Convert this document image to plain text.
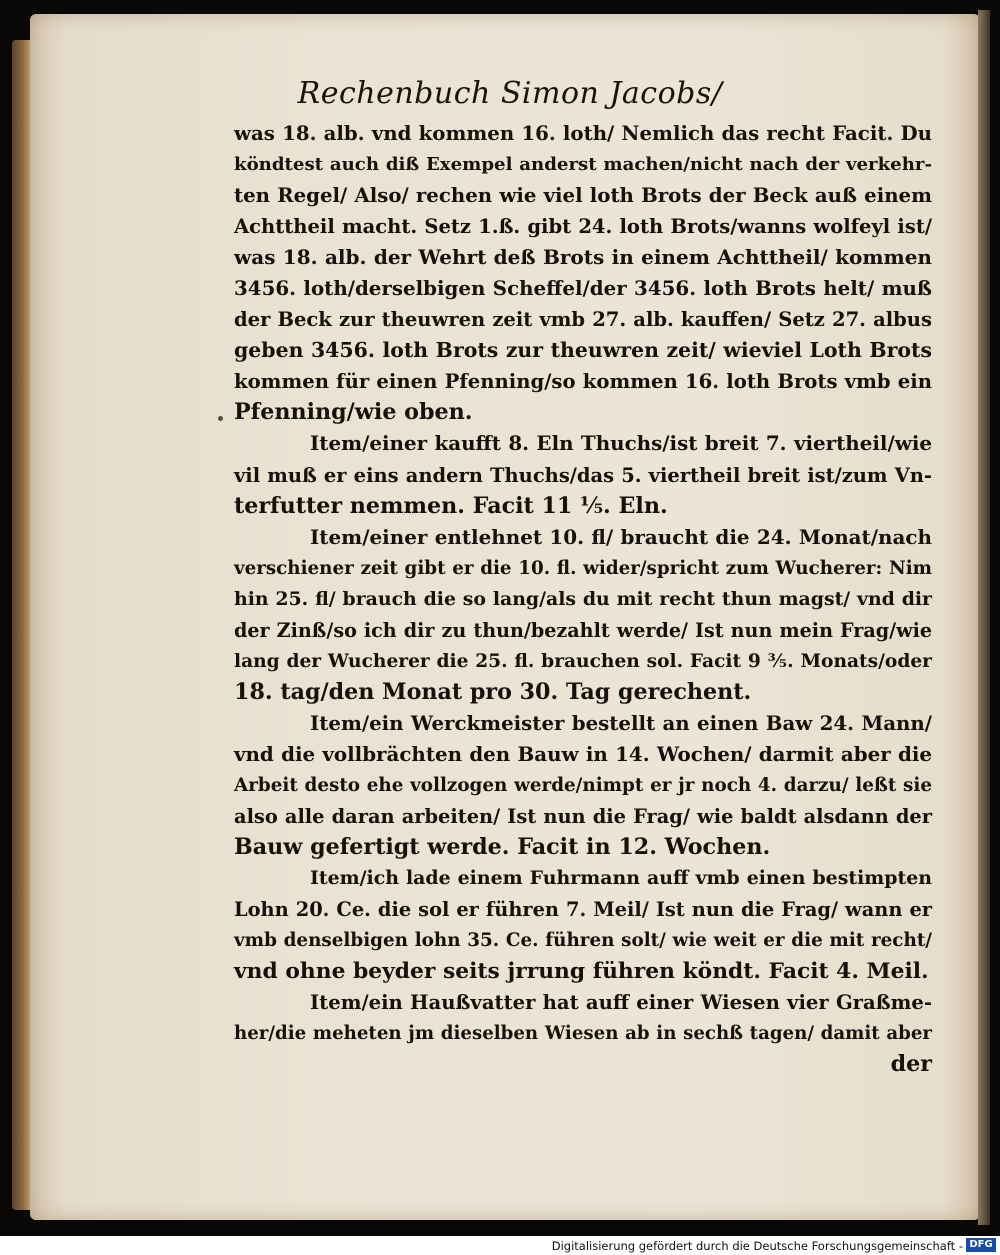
Rechenbuch Simon Jacobs/
was 18. alb. vnd kommen 16. loth/ Nemlich das recht Facit. Du
köndtest auch diß Exempel anderst machen/nicht nach der verkehr-
ten Regel/ Also/ rechen wie viel loth Brots der Beck auß einem
Achttheil macht. Setz 1.ß. gibt 24. loth Brots/wanns wolfeyl ist/
was 18. alb. der Wehrt deß Brots in einem Achttheil/ kommen
3456. loth/derselbigen Scheffel/der 3456. loth Brots helt/ muß
der Beck zur theuwren zeit vmb 27. alb. kauffen/ Setz 27. albus
geben 3456. loth Brots zur theuwren zeit/ wieviel Loth Brots
kommen für einen Pfenning/so kommen 16. loth Brots vmb ein
Pfenning/wie oben.
Item/einer kaufft 8. Eln Thuchs/ist breit 7. viertheil/wie
vil muß er eins andern Thuchs/das 5. viertheil breit ist/zum Vn-
terfutter nemmen. Facit 11 ⅕. Eln.
Item/einer entlehnet 10. fl/ braucht die 24. Monat/nach
verschiener zeit gibt er die 10. fl. wider/spricht zum Wucherer: Nim
hin 25. fl/ brauch die so lang/als du mit recht thun magst/ vnd dir
der Zinß/so ich dir zu thun/bezahlt werde/ Ist nun mein Frag/wie
lang der Wucherer die 25. fl. brauchen sol. Facit 9 ⅗. Monats/oder
18. tag/den Monat pro 30. Tag gerechent.
Item/ein Werckmeister bestellt an einen Baw 24. Mann/
vnd die vollbrächten den Bauw in 14. Wochen/ darmit aber die
Arbeit desto ehe vollzogen werde/nimpt er jr noch 4. darzu/ leßt sie
also alle daran arbeiten/ Ist nun die Frag/ wie baldt alsdann der
Bauw gefertigt werde. Facit in 12. Wochen.
Item/ich lade einem Fuhrmann auff vmb einen bestimpten
Lohn 20. Ce. die sol er führen 7. Meil/ Ist nun die Frag/ wann er
vmb denselbigen lohn 35. Ce. führen solt/ wie weit er die mit recht/
vnd ohne beyder seits jrrung führen köndt. Facit 4. Meil.
Item/ein Haußvatter hat auff einer Wiesen vier Graßme-
her/die meheten jm dieselben Wiesen ab in sechß tagen/ damit aber
der
Digitalisierung gefördert durch die Deutsche Forschungsgemeinschaft - DFG
